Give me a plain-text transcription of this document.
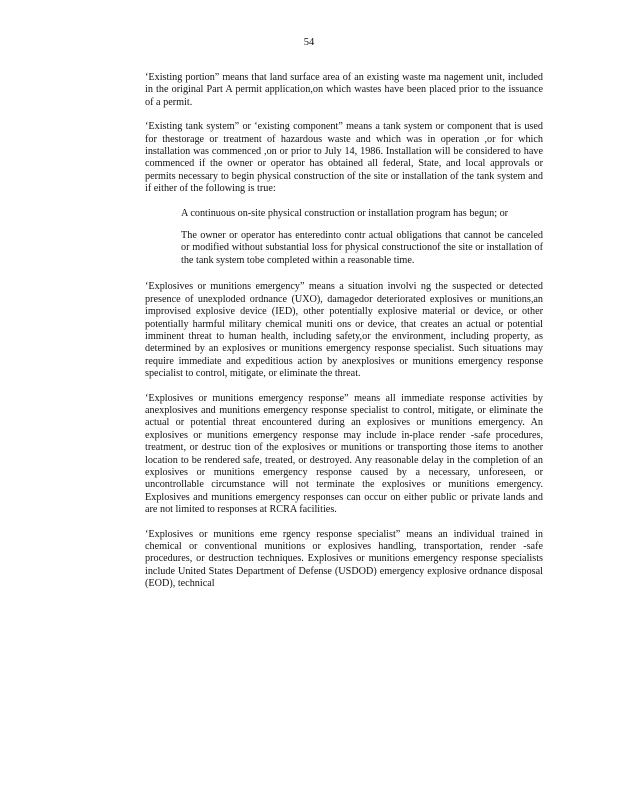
54

‘Existing portion” means that land surface area of an existing waste ma nagement unit, included in the original Part A permit application,on which wastes have been placed prior to the issuance of a permit.

‘Existing tank system” or ‘existing component” means a tank system or component that is used for thestorage or treatment of hazardous waste and which was in operation ,or for which installation was commenced ,on or prior to July 14, 1986. Installation will be considered to have commenced if the owner or operator has obtained all federal, State, and local approvals or permits necessary to begin physical construction of the site or installation of the tank system and if either of the following is true:

A continuous on-site physical construction or installation program has begun; or

The owner or operator has enteredinto contr actual obligations that cannot be canceled or modified without substantial loss for physical constructionof the site or installation of the tank system tobe completed within a reasonable time.

‘Explosives or munitions emergency” means a situation involvi ng the suspected or detected presence of unexploded ordnance (UXO), damagedor deteriorated explosives or munitions,an improvised explosive device (IED), other potentially explosive material or device, or other potentially harmful military chemical muniti ons or device, that creates an actual or potential imminent threat to human health, including safety,or the environment, including property, as determined by an explosives or munitions emergency response specialist. Such situations may require immediate and expeditious action by anexplosives or munitions emergency response specialist to control, mitigate, or eliminate the threat.

‘Explosives or munitions emergency response” means all immediate response activities by anexplosives and munitions emergency response specialist to control, mitigate, or eliminate the actual or potential threat encountered during an explosives or munitions emergency. An explosives or munitions emergency response may include in-place render -safe procedures, treatment, or destruc tion of the explosives or munitions or transporting those items to another location to be rendered safe, treated, or destroyed. Any reasonable delay in the completion of an explosives or munitions emergency response caused by a necessary, unforeseen, or uncontrollable circumstance will not terminate the explosives or munitions emergency. Explosives and munitions emergency responses can occur on either public or private lands and are not limited to responses at RCRA facilities.

‘Explosives or munitions eme rgency response specialist” means an individual trained in chemical or conventional munitions or explosives handling, transportation, render -safe procedures, or destruction techniques. Explosives or munitions emergency response specialists include United States Department of Defense (USDOD) emergency explosive ordnance disposal (EOD), technical
